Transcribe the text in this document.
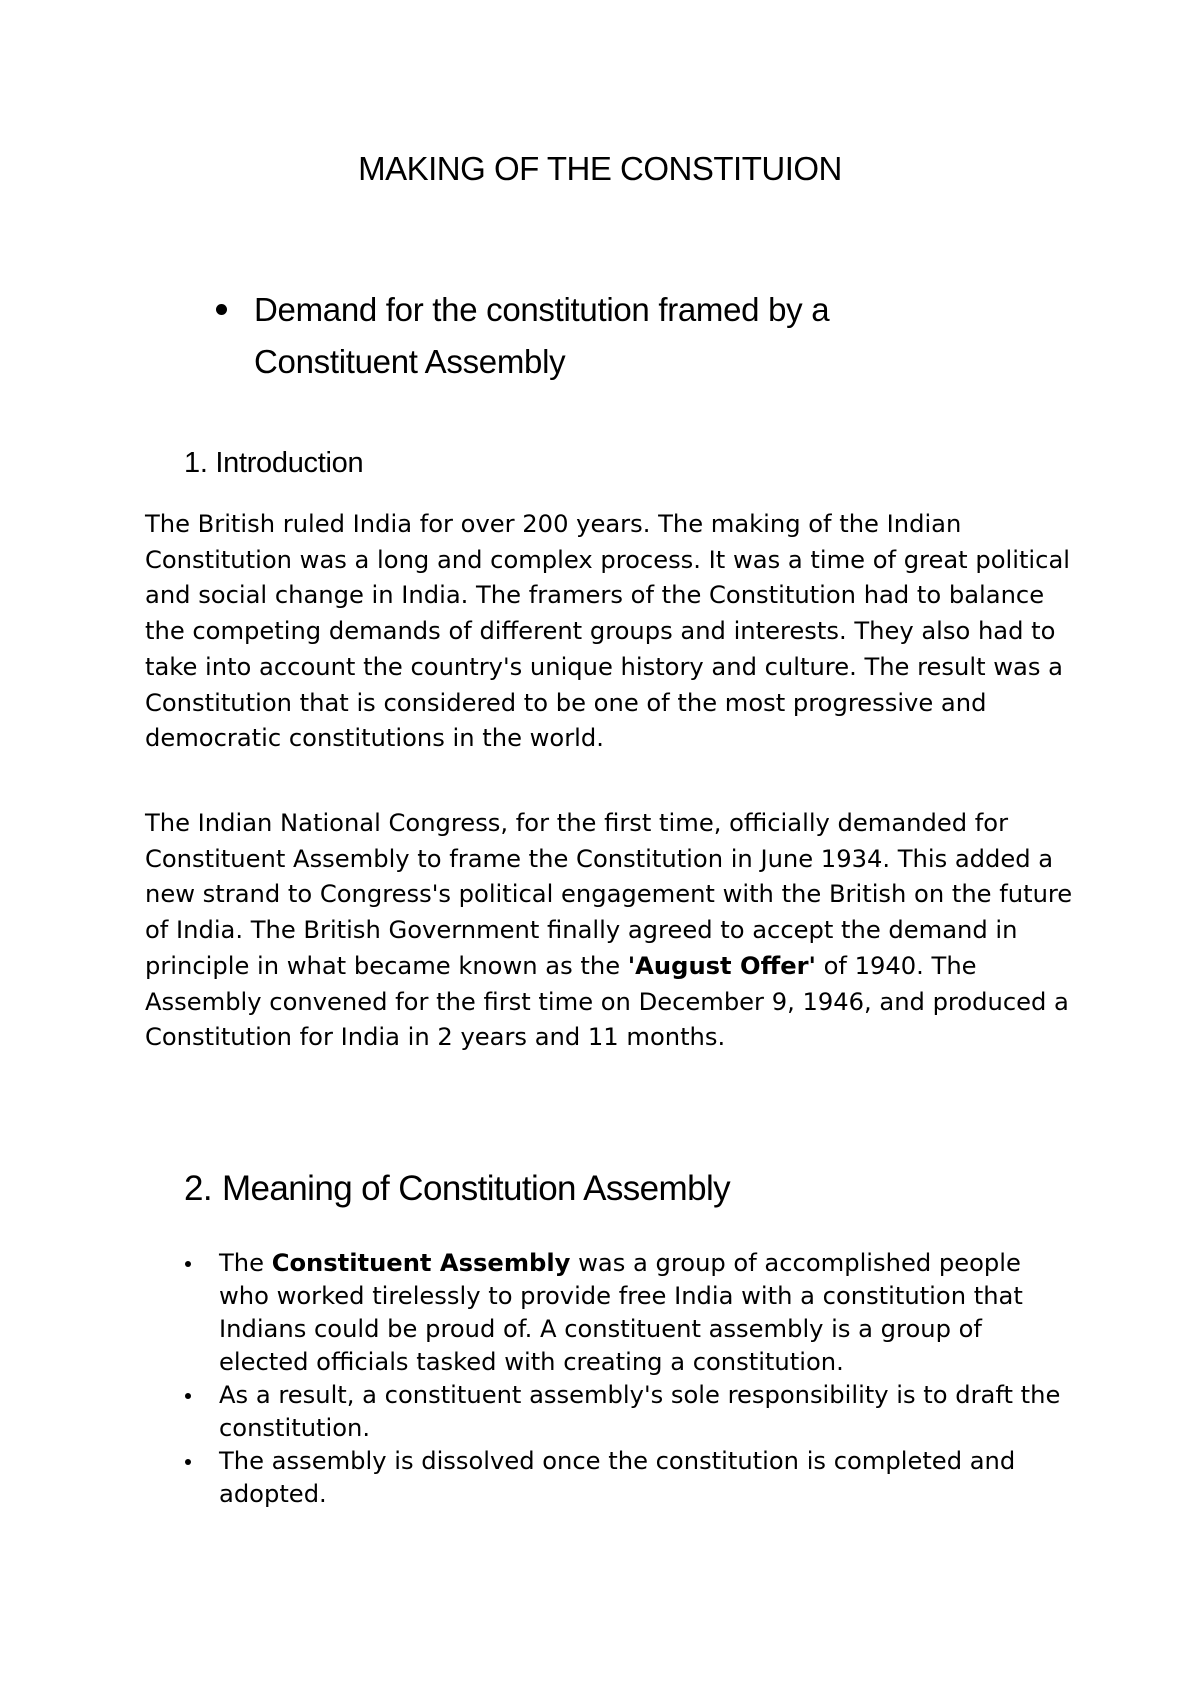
MAKING OF THE CONSTITUION
Demand for the constitution framed by a Constituent Assembly
1. Introduction

The British ruled India for over 200 years. The making of the Indian Constitution was a long and complex process. It was a time of great political and social change in India. The framers of the Constitution had to balance the competing demands of different groups and interests. They also had to take into account the country's unique history and culture. The result was a Constitution that is considered to be one of the most progressive and democratic constitutions in the world.

The Indian National Congress, for the first time, officially demanded for Constituent Assembly to frame the Constitution in June 1934. This added a new strand to Congress's political engagement with the British on the future of India. The British Government finally agreed to accept the demand in principle in what became known as the 'August Offer' of 1940. The Assembly convened for the first time on December 9, 1946, and produced a Constitution for India in 2 years and 11 months.

2. Meaning of Constitution Assembly
The Constituent Assembly was a group of accomplished people who worked tirelessly to provide free India with a constitution that Indians could be proud of. A constituent assembly is a group of elected officials tasked with creating a constitution.
As a result, a constituent assembly's sole responsibility is to draft the constitution.
The assembly is dissolved once the constitution is completed and adopted.
